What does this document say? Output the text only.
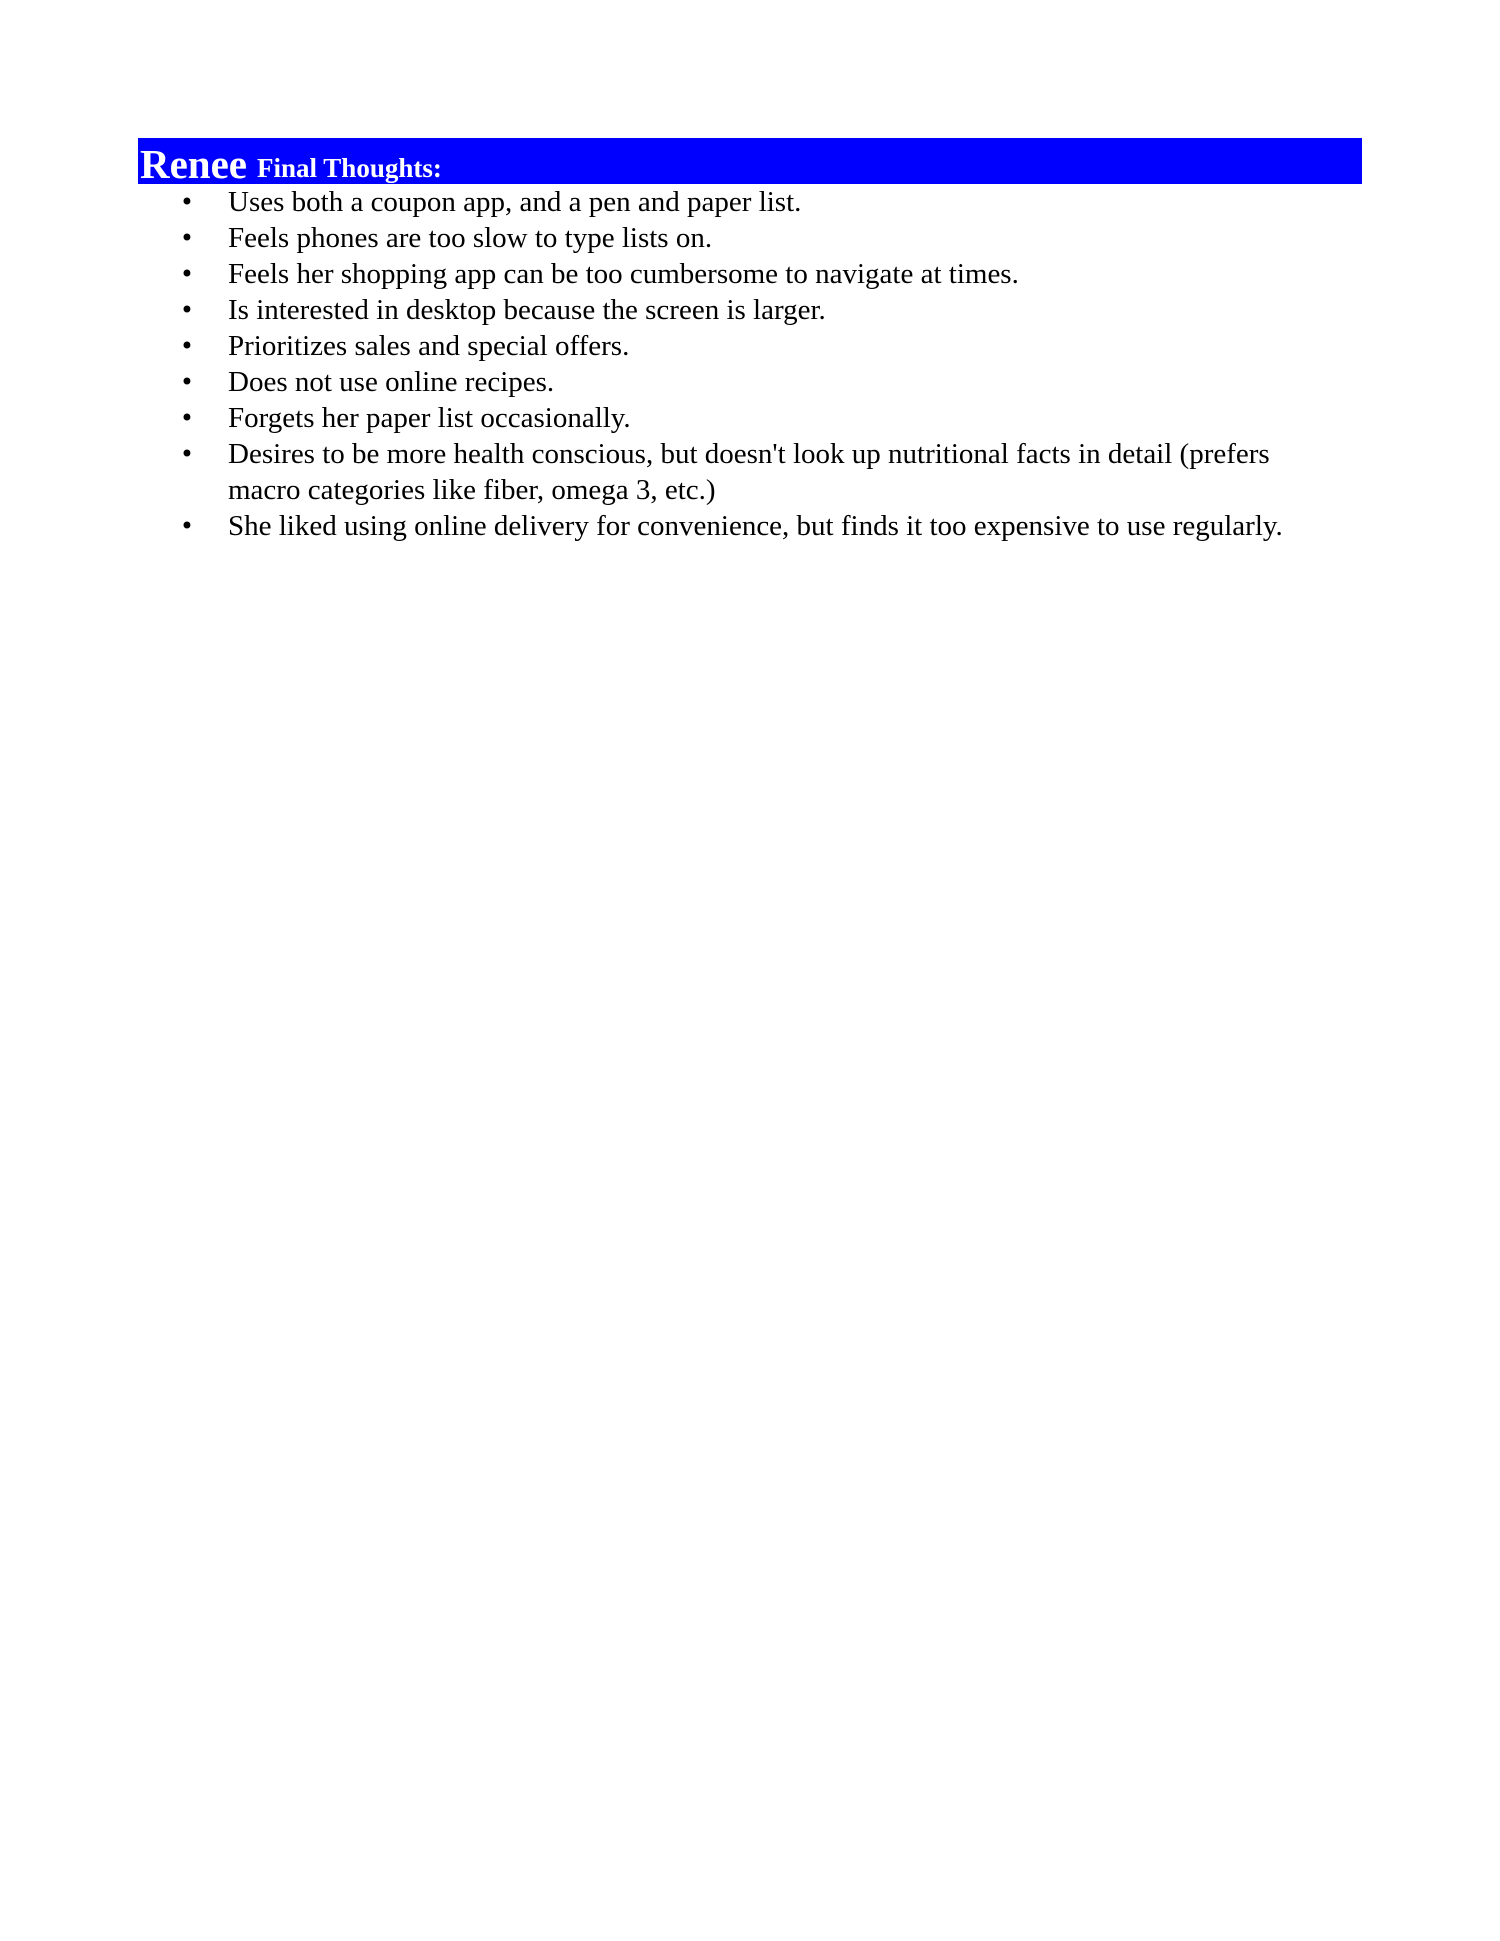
Renee Final Thoughts:
• Uses both a coupon app, and a pen and paper list.
• Feels phones are too slow to type lists on.
• Feels her shopping app can be too cumbersome to navigate at times.
• Is interested in desktop because the screen is larger.
• Prioritizes sales and special offers.
• Does not use online recipes.
• Forgets her paper list occasionally.
• Desires to be more health conscious, but doesn't look up nutritional facts in detail (prefers macro categories like fiber, omega 3, etc.)
• She liked using online delivery for convenience, but finds it too expensive to use regularly.
